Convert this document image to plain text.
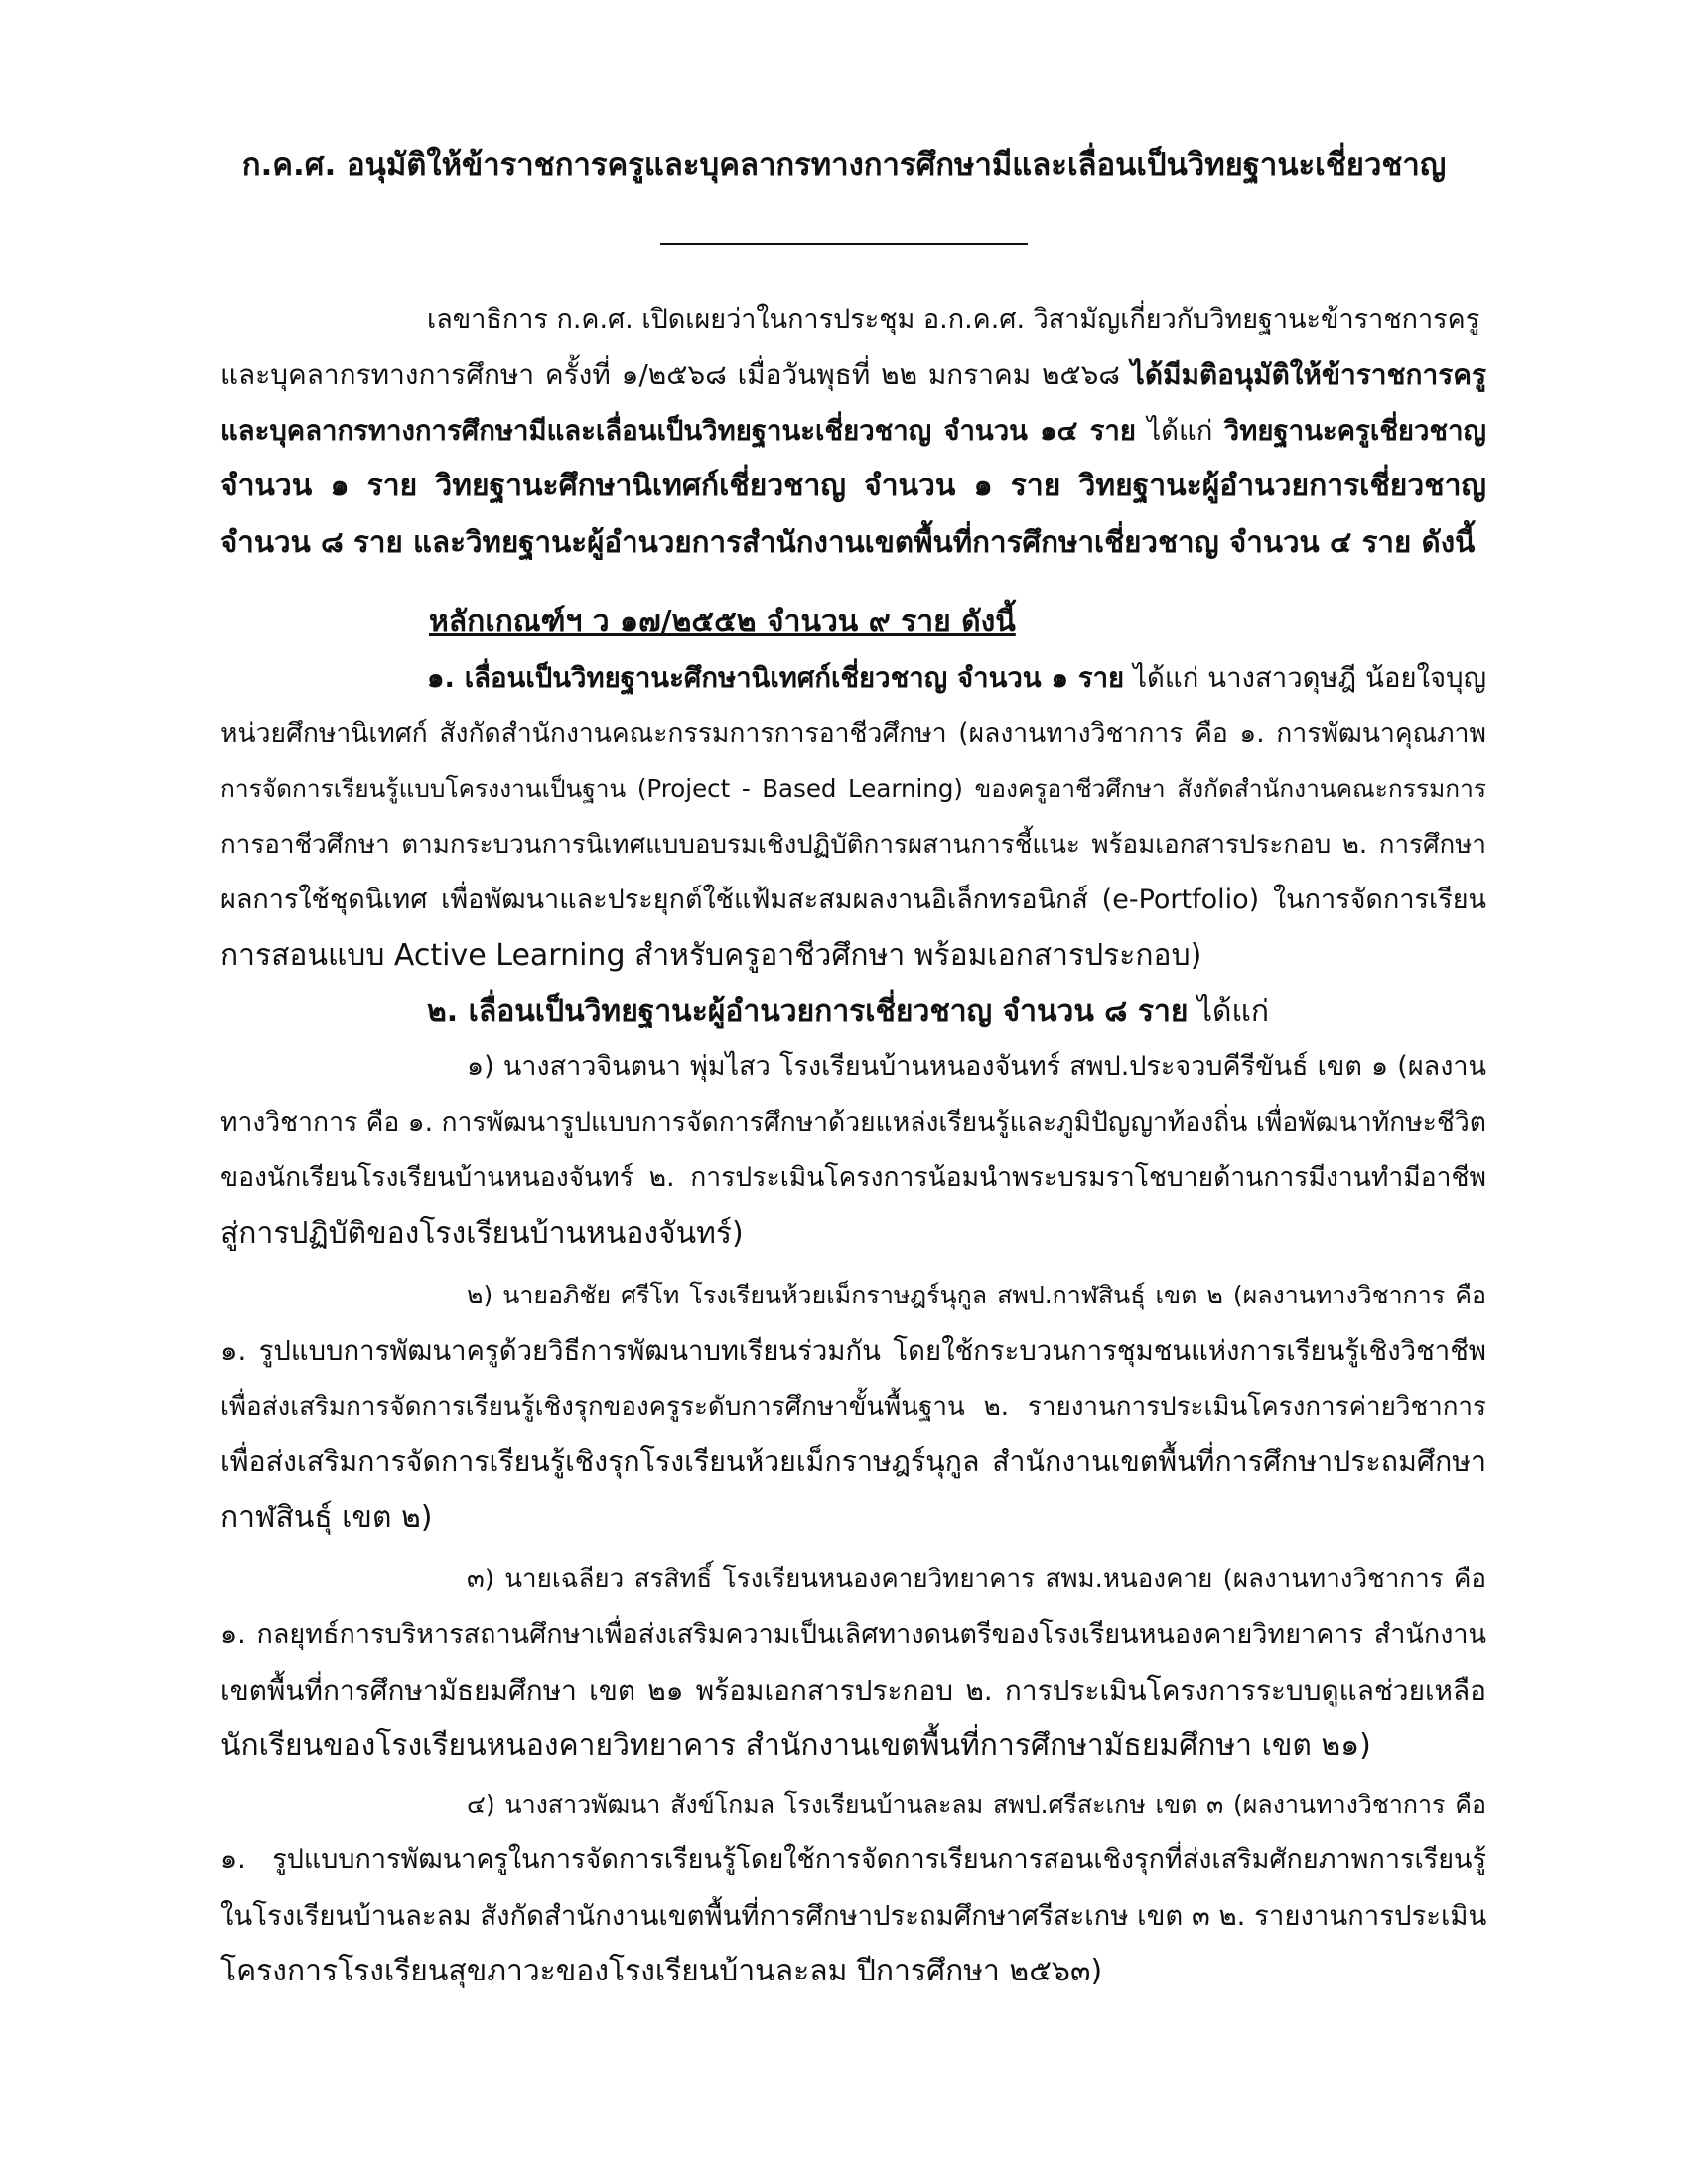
ก.ค.ศ. อนุมัติให้ข้าราชการครูและบุคลากรทางการศึกษามีและเลื่อนเป็นวิทยฐานะเชี่ยวชาญ
เลขาธิการ ก.ค.ศ. เปิดเผยว่าในการประชุม อ.ก.ค.ศ. วิสามัญเกี่ยวกับวิทยฐานะข้าราชการครู
และบุคลากรทางการศึกษา ครั้งที่ ๑/๒๕๖๘ เมื่อวันพุธที่ ๒๒ มกราคม ๒๕๖๘ ได้มีมติอนุมัติให้ข้าราชการครู
และบุคลากรทางการศึกษามีและเลื่อนเป็นวิทยฐานะเชี่ยวชาญ จำนวน ๑๔ ราย ได้แก่ วิทยฐานะครูเชี่ยวชาญ
จำนวน ๑ ราย วิทยฐานะศึกษานิเทศก์เชี่ยวชาญ จำนวน ๑ ราย วิทยฐานะผู้อำนวยการเชี่ยวชาญ
จำนวน ๘ ราย และวิทยฐานะผู้อำนวยการสำนักงานเขตพื้นที่การศึกษาเชี่ยวชาญ จำนวน ๔ ราย ดังนี้
หลักเกณฑ์ฯ ว ๑๗/๒๕๕๒ จำนวน ๙ ราย ดังนี้
๑. เลื่อนเป็นวิทยฐานะศึกษานิเทศก์เชี่ยวชาญ จำนวน ๑ ราย ได้แก่ นางสาวดุษฎี น้อยใจบุญ
หน่วยศึกษานิเทศก์ สังกัดสำนักงานคณะกรรมการการอาชีวศึกษา (ผลงานทางวิชาการ คือ ๑. การพัฒนาคุณภาพ
การจัดการเรียนรู้แบบโครงงานเป็นฐาน (Project - Based Learning) ของครูอาชีวศึกษา สังกัดสำนักงานคณะกรรมการ
การอาชีวศึกษา ตามกระบวนการนิเทศแบบอบรมเชิงปฏิบัติการผสานการชี้แนะ พร้อมเอกสารประกอบ ๒. การศึกษา
ผลการใช้ชุดนิเทศ เพื่อพัฒนาและประยุกต์ใช้แฟ้มสะสมผลงานอิเล็กทรอนิกส์ (e-Portfolio) ในการจัดการเรียน
การสอนแบบ Active Learning สำหรับครูอาชีวศึกษา พร้อมเอกสารประกอบ)
๒. เลื่อนเป็นวิทยฐานะผู้อำนวยการเชี่ยวชาญ จำนวน ๘ ราย ได้แก่
๑) นางสาวจินตนา พุ่มไสว โรงเรียนบ้านหนองจันทร์ สพป.ประจวบคีรีขันธ์ เขต ๑ (ผลงาน
ทางวิชาการ คือ ๑. การพัฒนารูปแบบการจัดการศึกษาด้วยแหล่งเรียนรู้และภูมิปัญญาท้องถิ่น เพื่อพัฒนาทักษะชีวิต
ของนักเรียนโรงเรียนบ้านหนองจันทร์ ๒. การประเมินโครงการน้อมนำพระบรมราโชบายด้านการมีงานทำมีอาชีพ
สู่การปฏิบัติของโรงเรียนบ้านหนองจันทร์)
๒) นายอภิชัย ศรีโท โรงเรียนห้วยเม็กราษฎร์นุกูล สพป.กาฬสินธุ์ เขต ๒ (ผลงานทางวิชาการ คือ
๑. รูปแบบการพัฒนาครูด้วยวิธีการพัฒนาบทเรียนร่วมกัน โดยใช้กระบวนการชุมชนแห่งการเรียนรู้เชิงวิชาชีพ
เพื่อส่งเสริมการจัดการเรียนรู้เชิงรุกของครูระดับการศึกษาขั้นพื้นฐาน ๒. รายงานการประเมินโครงการค่ายวิชาการ
เพื่อส่งเสริมการจัดการเรียนรู้เชิงรุกโรงเรียนห้วยเม็กราษฎร์นุกูล สำนักงานเขตพื้นที่การศึกษาประถมศึกษา
กาฬสินธุ์ เขต ๒)
๓) นายเฉลียว สรสิทธิ์ โรงเรียนหนองคายวิทยาคาร สพม.หนองคาย (ผลงานทางวิชาการ คือ
๑. กลยุทธ์การบริหารสถานศึกษาเพื่อส่งเสริมความเป็นเลิศทางดนตรีของโรงเรียนหนองคายวิทยาคาร สำนักงาน
เขตพื้นที่การศึกษามัธยมศึกษา เขต ๒๑ พร้อมเอกสารประกอบ ๒. การประเมินโครงการระบบดูแลช่วยเหลือ
นักเรียนของโรงเรียนหนองคายวิทยาคาร สำนักงานเขตพื้นที่การศึกษามัธยมศึกษา เขต ๒๑)
๔) นางสาวพัฒนา สังข์โกมล โรงเรียนบ้านละลม สพป.ศรีสะเกษ เขต ๓ (ผลงานทางวิชาการ คือ
๑. รูปแบบการพัฒนาครูในการจัดการเรียนรู้โดยใช้การจัดการเรียนการสอนเชิงรุกที่ส่งเสริมศักยภาพการเรียนรู้
ในโรงเรียนบ้านละลม สังกัดสำนักงานเขตพื้นที่การศึกษาประถมศึกษาศรีสะเกษ เขต ๓ ๒. รายงานการประเมิน
โครงการโรงเรียนสุขภาวะของโรงเรียนบ้านละลม ปีการศึกษา ๒๕๖๓)
